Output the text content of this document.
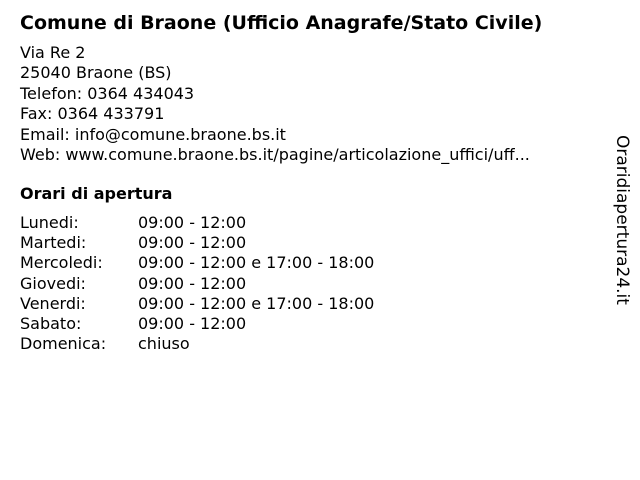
Comune di Braone (Ufficio Anagrafe/Stato Civile)
Via Re 2
25040 Braone (BS)
Telefon: 0364 434043
Fax: 0364 433791
Email: info@comune.braone.bs.it
Web: www.comune.braone.bs.it/pagine/articolazione_uffici/uff...
Orari di apertura
Lunedi:	09:00 - 12:00
Martedi:	09:00 - 12:00
Mercoledi:	09:00 - 12:00 e 17:00 - 18:00
Giovedi:	09:00 - 12:00
Venerdi:	09:00 - 12:00 e 17:00 - 18:00
Sabato:	09:00 - 12:00
Domenica:	chiuso
Oraridiapertura24.it
